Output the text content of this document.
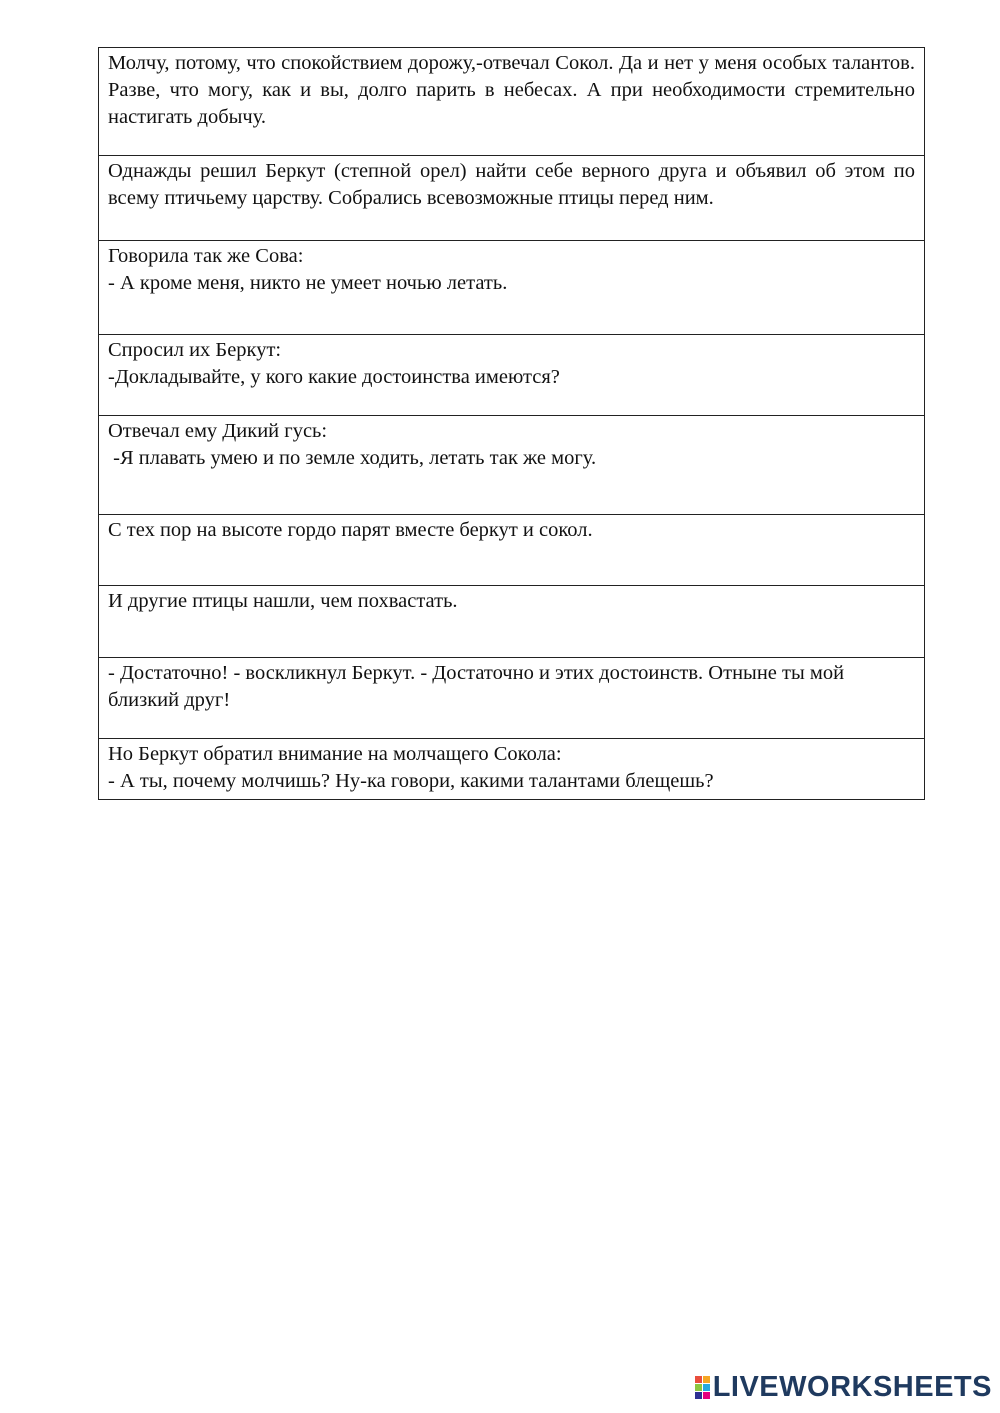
Молчу, потому, что спокойствием дорожу,-отвечал Сокол. Да и нет у меня особых талантов. Разве, что могу, как и вы, долго парить в небесах. А при необходимости стремительно настигать добычу.

Однажды решил Беркут (степной орел) найти себе верного друга и объявил об этом по всему птичьему царству. Собрались всевозможные птицы перед ним.

Говорила так же Сова:
- А кроме меня, никто не умеет ночью летать.

Спросил их Беркут:
-Докладывайте, у кого какие достоинства имеются?

Отвечал ему Дикий гусь:
-Я плавать умею и по земле ходить, летать так же могу.

С тех пор на высоте гордо парят вместе беркут и сокол.

И другие птицы нашли, чем похвастать.

- Достаточно! - воскликнул Беркут. - Достаточно и этих достоинств. Отныне ты мой близкий друг!

Но Беркут обратил внимание на молчащего Сокола:
- А ты, почему молчишь? Ну-ка говори, какими талантами блещешь?
LIVEWORKSHEETS
